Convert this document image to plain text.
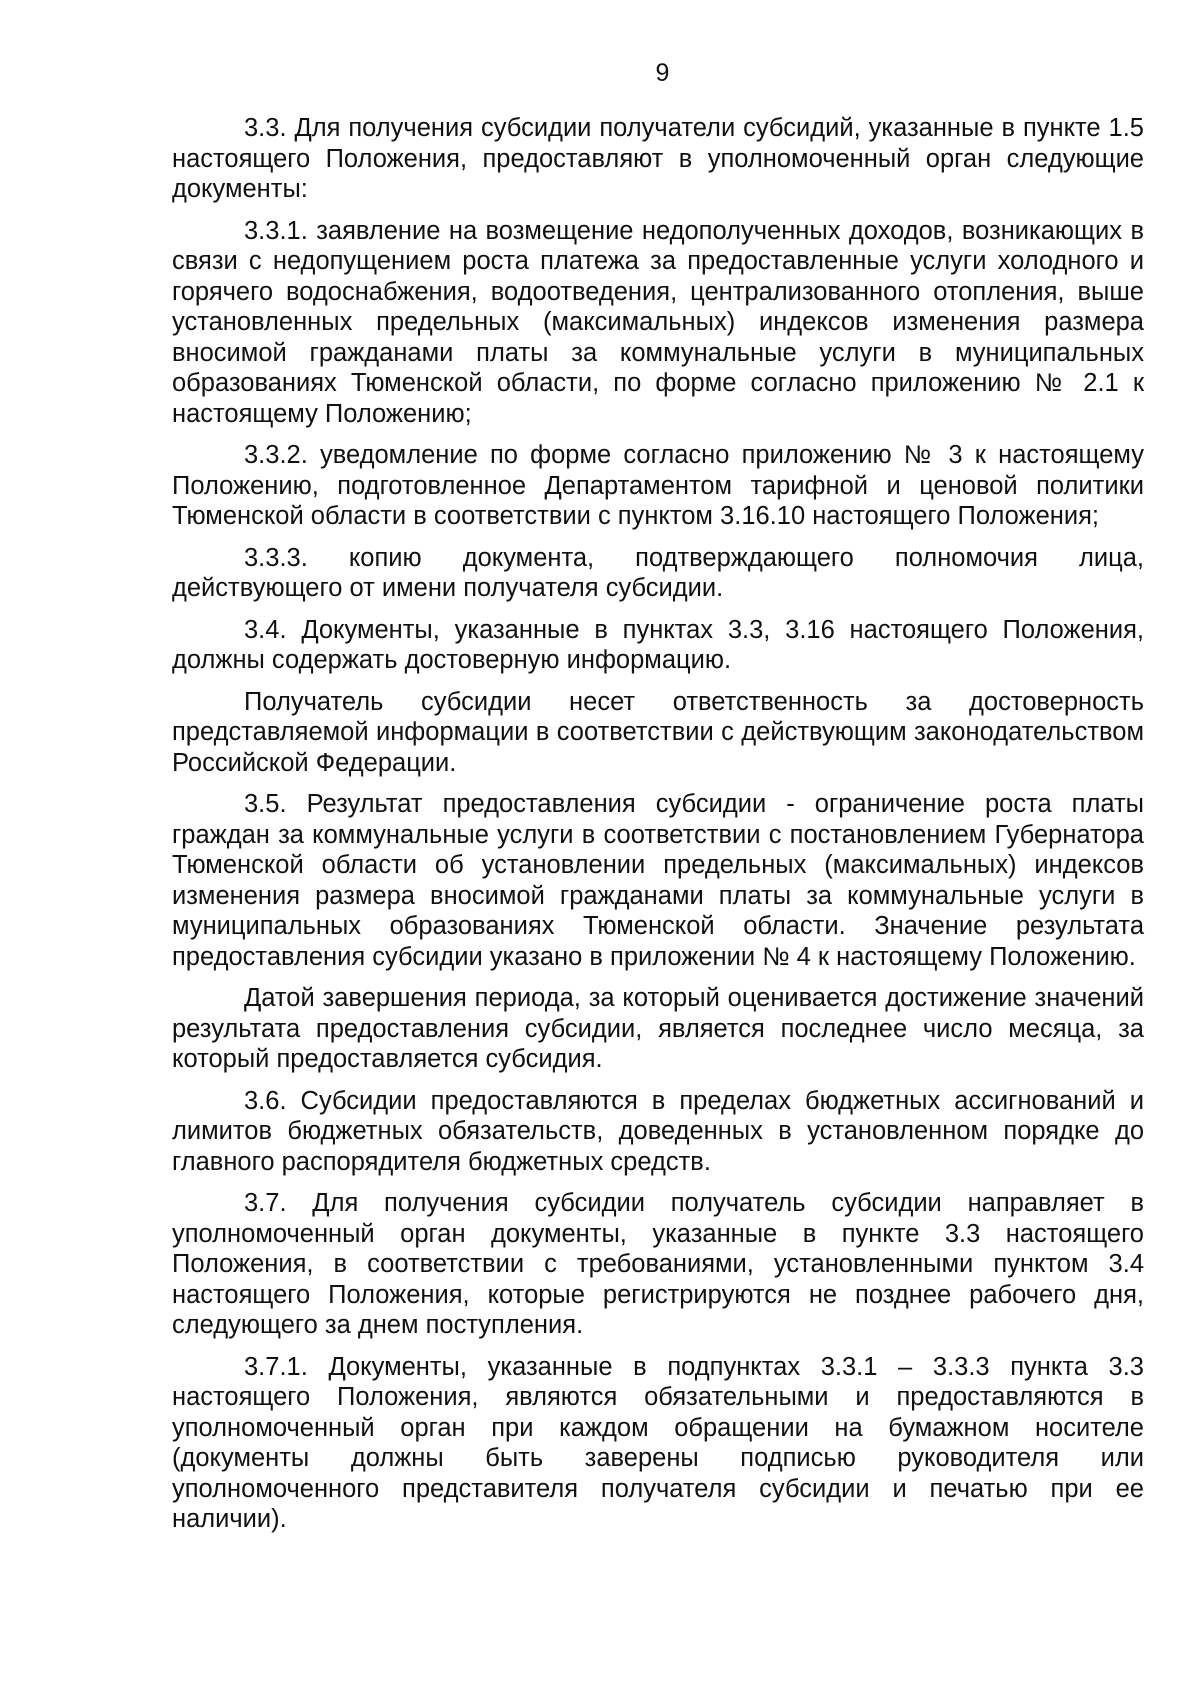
9

3.3. Для получения субсидии получатели субсидий, указанные в пункте 1.5 настоящего Положения, предоставляют в уполномоченный орган следующие документы:

3.3.1. заявление на возмещение недополученных доходов, возникающих в связи с недопущением роста платежа за предоставленные услуги холодного и горячего водоснабжения, водоотведения, централизованного отопления, выше установленных предельных (максимальных) индексов изменения размера вносимой гражданами платы за коммунальные услуги в муниципальных образованиях Тюменской области, по форме согласно приложению № 2.1 к настоящему Положению;

3.3.2. уведомление по форме согласно приложению № 3 к настоящему Положению, подготовленное Департаментом тарифной и ценовой политики Тюменской области в соответствии с пунктом 3.16.10 настоящего Положения;

3.3.3. копию документа, подтверждающего полномочия лица, действующего от имени получателя субсидии.

3.4. Документы, указанные в пунктах 3.3, 3.16 настоящего Положения, должны содержать достоверную информацию.

Получатель субсидии несет ответственность за достоверность представляемой информации в соответствии с действующим законодательством Российской Федерации.

3.5. Результат предоставления субсидии - ограничение роста платы граждан за коммунальные услуги в соответствии с постановлением Губернатора Тюменской области об установлении предельных (максимальных) индексов изменения размера вносимой гражданами платы за коммунальные услуги в муниципальных образованиях Тюменской области. Значение результата предоставления субсидии указано в приложении № 4 к настоящему Положению.

Датой завершения периода, за который оценивается достижение значений результата предоставления субсидии, является последнее число месяца, за который предоставляется субсидия.

3.6. Субсидии предоставляются в пределах бюджетных ассигнований и лимитов бюджетных обязательств, доведенных в установленном порядке до главного распорядителя бюджетных средств.

3.7. Для получения субсидии получатель субсидии направляет в уполномоченный орган документы, указанные в пункте 3.3 настоящего Положения, в соответствии с требованиями, установленными пунктом 3.4 настоящего Положения, которые регистрируются не позднее рабочего дня, следующего за днем поступления.

3.7.1. Документы, указанные в подпунктах 3.3.1 – 3.3.3 пункта 3.3 настоящего Положения, являются обязательными и предоставляются в уполномоченный орган при каждом обращении на бумажном носителе (документы должны быть заверены подписью руководителя или уполномоченного представителя получателя субсидии и печатью при ее наличии).
